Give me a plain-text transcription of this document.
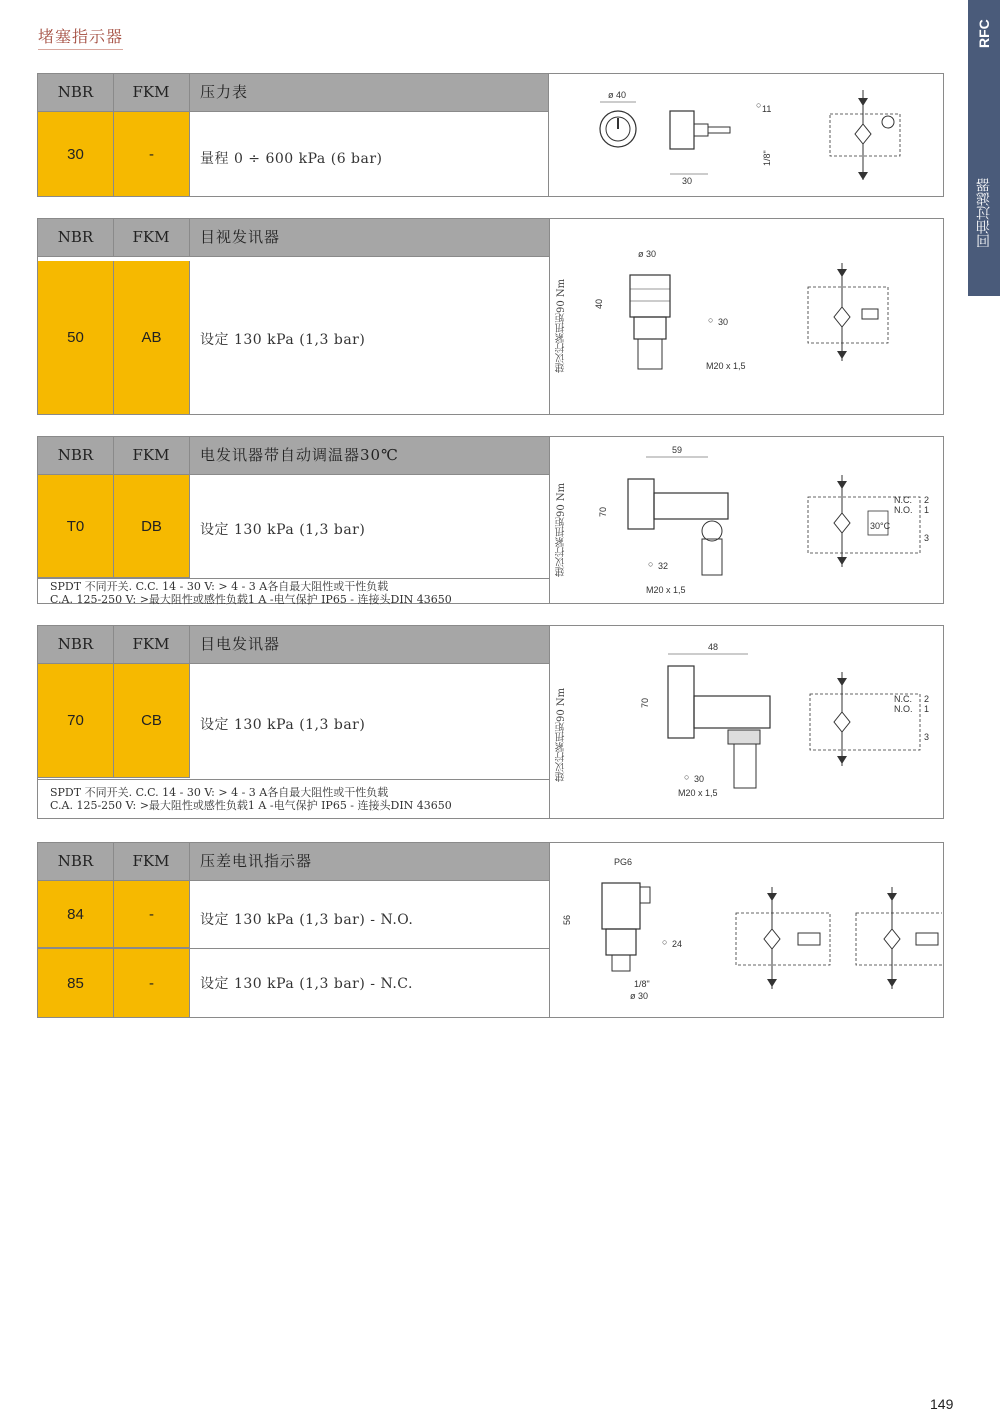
堵塞指示器	RFC
回油过滤器
NBR	FKM	压力表
30	-	量程 0 ÷ 600 kPa (6 bar)
ø 40
30
11
○
1/8"
NBR	FKM	目视发讯器
50	AB	设定 130 kPa (1,3 bar)	建议拧紧扭矩90 Nm
ø 30
40
30
○
M20 x 1,5
NBR	FKM	电发讯器带自动调温器30℃
T0	DB	设定 130 kPa (1,3 bar)
SPDT 不同开关. C.C. 14 - 30 V: > 4 - 3 A各自最大阻性或干性负载
C.A. 125-250 V: >最大阻性或感性负载1 A -电气保护 IP65 - 连接头DIN 43650
建议拧紧扭矩90 Nm
59
70
32
○
M20 x 1,5
30°C
N.C.
N.O.
2
1
3
NBR	FKM	目电发讯器
70	CB	设定 130 kPa (1,3 bar)
SPDT 不同开关. C.C. 14 - 30 V: > 4 - 3 A各自最大阻性或干性负载
C.A. 125-250 V: >最大阻性或感性负载1 A -电气保护 IP65 - 连接头DIN 43650
建议拧紧扭矩90 Nm
48
70
30
○
M20 x 1,5
N.C.
N.O.
2
1
3
NBR	FKM	压差电讯指示器
84	-	设定 130 kPa (1,3 bar) - N.O.
85	-	设定 130 kPa (1,3 bar) - N.C.
PG6
56
24
○
1/8"
ø 30
149
